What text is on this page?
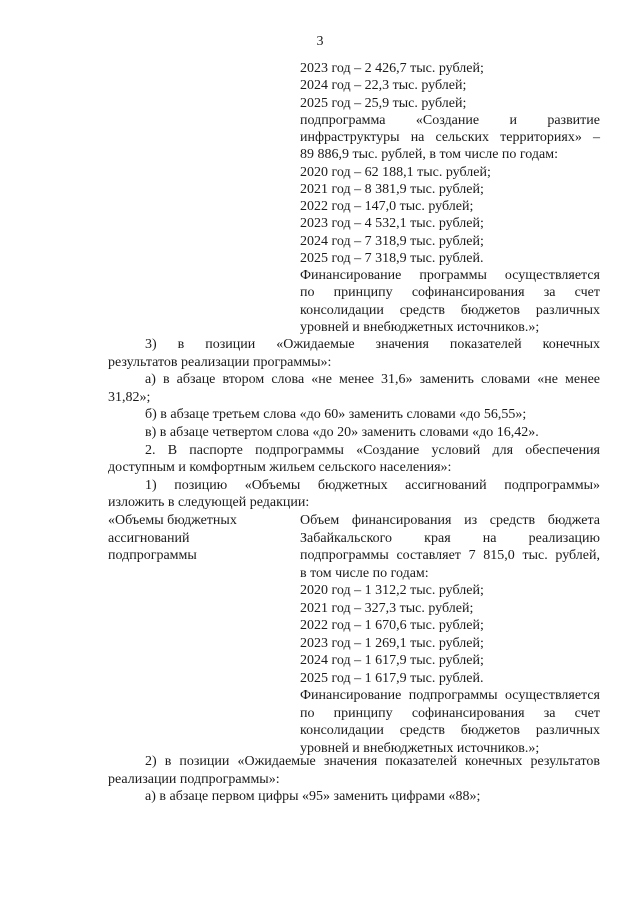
3
2023 год – 2 426,7 тыс. рублей;
2024 год – 22,3 тыс. рублей;
2025 год – 25,9 тыс. рублей;
подпрограмма «Создание и развитие
инфраструктуры на сельских территориях» –
89 886,9 тыс. рублей, в том числе по годам:
2020 год – 62 188,1 тыс. рублей;
2021 год – 8 381,9 тыс. рублей;
2022 год – 147,0 тыс. рублей;
2023 год – 4 532,1 тыс. рублей;
2024 год – 7 318,9 тыс. рублей;
2025 год – 7 318,9 тыс. рублей.
Финансирование программы осуществляется
по принципу софинансирования за счет
консолидации средств бюджетов различных
уровней и внебюджетных источников.»;
3) в позиции «Ожидаемые значения показателей конечных
результатов реализации программы»:
а) в абзаце втором слова «не менее 31,6» заменить словами «не менее
31,82»;
б) в абзаце третьем слова «до 60» заменить словами «до 56,55»;
в) в абзаце четвертом слова «до 20» заменить словами «до 16,42».
2. В паспорте подпрограммы «Создание условий для обеспечения
доступным и комфортным жильем сельского населения»:
1) позицию «Объемы бюджетных ассигнований подпрограммы»
изложить в следующей редакции:
«Объемы бюджетных
ассигнований
подпрограммы
Объем финансирования из средств бюджета
Забайкальского края на реализацию
подпрограммы составляет 7 815,0 тыс. рублей,
в том числе по годам:
2020 год – 1 312,2 тыс. рублей;
2021 год – 327,3 тыс. рублей;
2022 год – 1 670,6 тыс. рублей;
2023 год – 1 269,1 тыс. рублей;
2024 год – 1 617,9 тыс. рублей;
2025 год – 1 617,9 тыс. рублей.
Финансирование подпрограммы осуществляется
по принципу софинансирования за счет
консолидации средств бюджетов различных
уровней и внебюджетных источников.»;
2) в позиции «Ожидаемые значения показателей конечных результатов
реализации подпрограммы»:
а) в абзаце первом цифры «95» заменить цифрами «88»;
